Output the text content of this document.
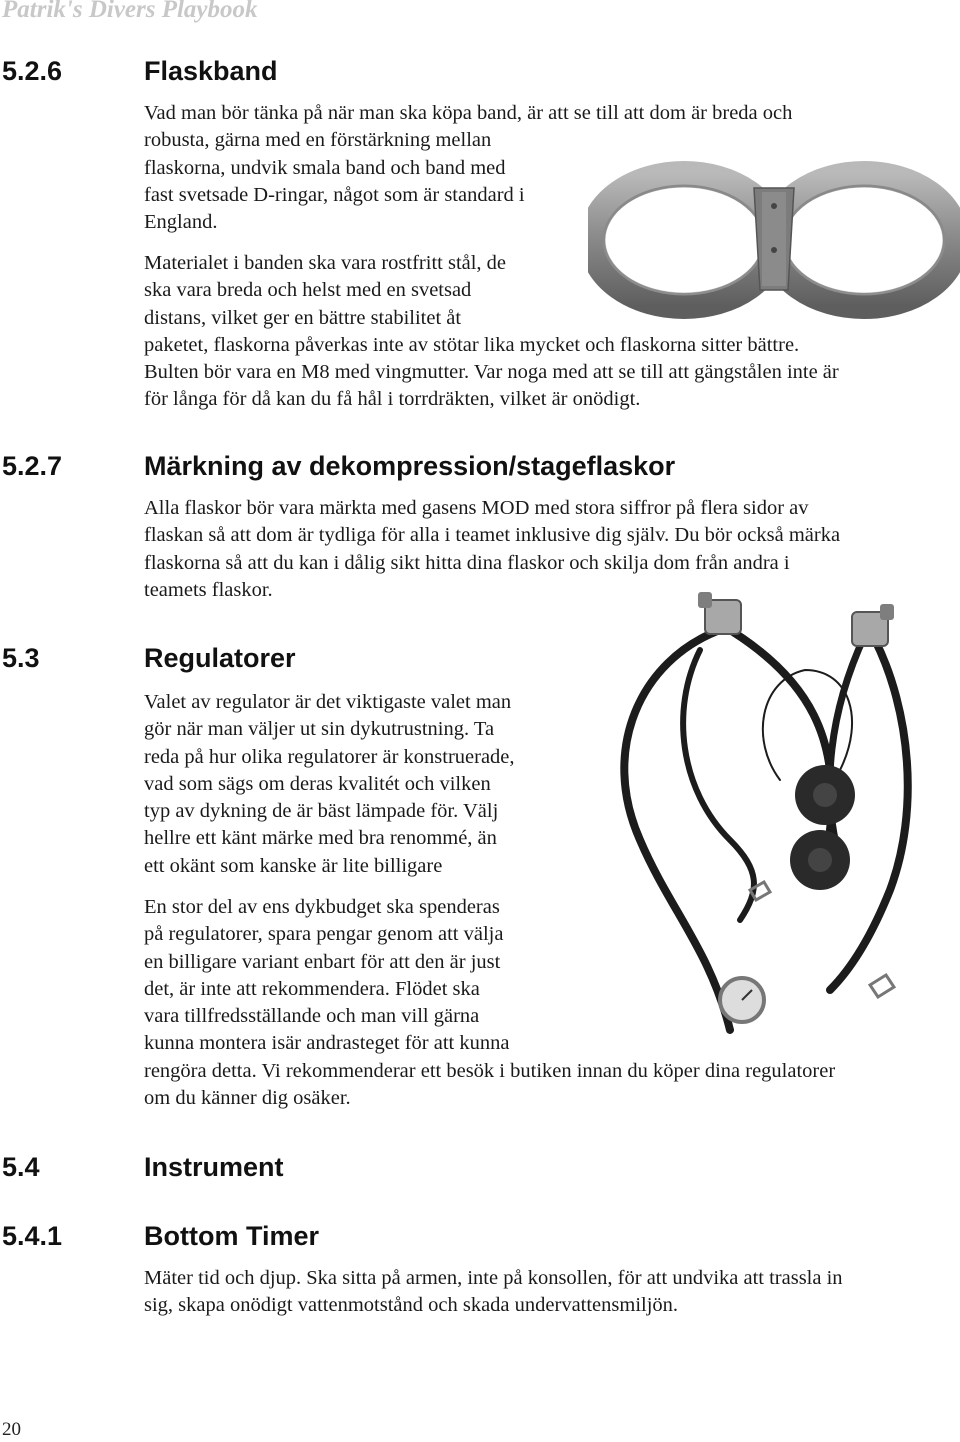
Patrik's Divers Playbook
5.2.6	Flaskband

Vad man bör tänka på när man ska köpa band, är att se till att dom är breda och
robusta, gärna med en förstärkning mellan
flaskorna, undvik smala band och band med
fast svetsade D-ringar, något som är standard i
England.

Materialet i banden ska vara rostfritt stål, de
ska vara breda och helst med en svetsad
distans, vilket ger en bättre stabilitet åt
paketet, flaskorna påverkas inte av stötar lika mycket och flaskorna sitter bättre.
Bulten bör vara en M8 med vingmutter. Var noga med att se till att gängstålen inte är
för långa för då kan du få hål i torrdräkten, vilket är onödigt.

5.2.7	Märkning av dekompression/stageflaskor

Alla flaskor bör vara märkta med gasens MOD med stora siffror på flera sidor av
flaskan så att dom är tydliga för alla i teamet inklusive dig själv. Du bör också märka
flaskorna så att du kan i dålig sikt hitta dina flaskor och skilja dom från andra i
teamets flaskor.

5.3	Regulatorer

Valet av regulator är det viktigaste valet man
gör när man väljer ut sin dykutrustning. Ta
reda på hur olika regulatorer är konstruerade,
vad som sägs om deras kvalitét och vilken
typ av dykning de är bäst lämpade för. Välj
hellre ett känt märke med bra renommé, än
ett okänt som kanske är lite billigare

En stor del av ens dykbudget ska spenderas
på regulatorer, spara pengar genom att välja
en billigare variant enbart för att den är just
det, är inte att rekommendera. Flödet ska
vara tillfredsställande och man vill gärna
kunna montera isär andrasteget för att kunna
rengöra detta. Vi rekommenderar ett besök i butiken innan du köper dina regulatorer
om du känner dig osäker.

5.4	Instrument
5.4.1	Bottom Timer

Mäter tid och djup. Ska sitta på armen, inte på konsollen, för att undvika att trassla in
sig, skapa onödigt vattenmotstånd och skada undervattensmiljön.

20
